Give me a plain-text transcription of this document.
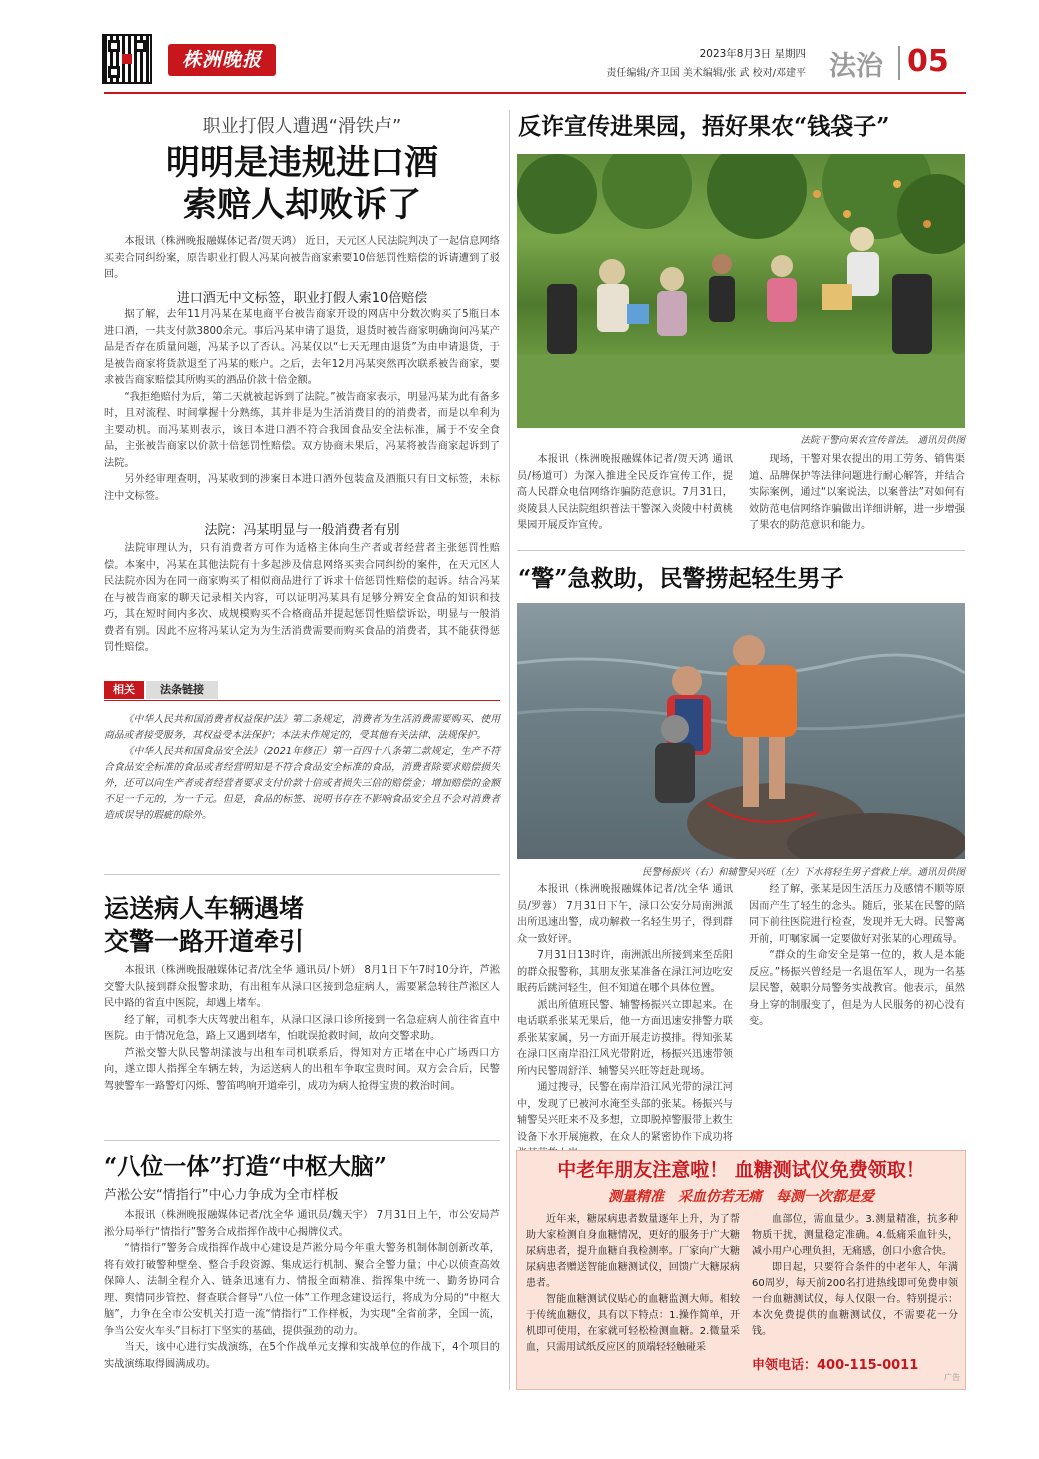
株洲晚报	2023年8月3日 星期四
责任编辑/齐卫国 美术编辑/张 武 校对/邓建平 法治 05
职业打假人遭遇“滑铁卢”
明明是违规进口酒
索赔人却败诉了

本报讯（株洲晚报融媒体记者/贺天鸿） 近日，天元区人民法院判决了一起信息网络买卖合同纠纷案，原告职业打假人冯某向被告商家索要10倍惩罚性赔偿的诉请遭到了驳回。

进口酒无中文标签，职业打假人索10倍赔偿

据了解，去年11月冯某在某电商平台被告商家开设的网店中分数次购买了5瓶日本进口酒，一共支付款3800余元。事后冯某申请了退货，退货时被告商家明确询问冯某产品是否存在质量问题，冯某予以了否认。冯某仅以“七天无理由退货”为由申请退货，于是被告商家将货款退至了冯某的账户。之后，去年12月冯某突然再次联系被告商家，要求被告商家赔偿其所购买的酒品价款十倍金额。

“我拒绝赔付为后，第二天就被起诉到了法院。”被告商家表示，明显冯某为此有备多时，且对流程、时间掌握十分熟练，其并非是为生活消费目的的消费者，而是以牟利为主要动机。而冯某则表示，该日本进口酒不符合我国食品安全法标准，属于不安全食品，主张被告商家以价款十倍惩罚性赔偿。双方协商未果后，冯某将被告商家起诉到了法院。

另外经审理查明，冯某收到的涉案日本进口酒外包装盒及酒瓶只有日文标签，未标注中文标签。

法院：冯某明显与一般消费者有别

法院审理认为，只有消费者方可作为适格主体向生产者或者经营者主张惩罚性赔偿。本案中，冯某在其他法院有十多起涉及信息网络买卖合同纠纷的案件，在天元区人民法院亦因为在同一商家购买了相似商品进行了诉求十倍惩罚性赔偿的起诉。结合冯某在与被告商家的聊天记录相关内容，可以证明冯某具有足够分辨安全食品的知识和技巧，其在短时间内多次、成规模购买不合格商品并提起惩罚性赔偿诉讼，明显与一般消费者有别。因此不应将冯某认定为为生活消费需要而购买食品的消费者，其不能获得惩罚性赔偿。

相关	法条链接

《中华人民共和国消费者权益保护法》第二条规定，消费者为生活消费需要购买、使用商品或者接受服务，其权益受本法保护；本法未作规定的，受其他有关法律、法规保护。

《中华人民共和国食品安全法》（2021年修正）第一百四十八条第二款规定，生产不符合食品安全标准的食品或者经营明知是不符合食品安全标准的食品，消费者除要求赔偿损失外，还可以向生产者或者经营者要求支付价款十倍或者损失三倍的赔偿金；增加赔偿的金额不足一千元的，为一千元。但是，食品的标签、说明书存在不影响食品安全且不会对消费者造成误导的瑕疵的除外。

运送病人车辆遇堵
交警一路开道牵引

本报讯（株洲晚报融媒体记者/沈全华 通讯员/卜妍） 8月1日下午7时10分许，芦淞交警大队接到群众报警求助，有出租车从渌口区接到急症病人，需要紧急转往芦淞区人民中路的省直中医院，却遇上堵车。

经了解，司机李大庆驾驶出租车，从渌口区渌口诊所接到一名急症病人前往省直中医院。由于情况危急，路上又遇到堵车，怕耽误抢救时间，故向交警求助。

芦淞交警大队民警胡漾波与出租车司机联系后，得知对方正堵在中心广场西口方向，遂立即人指挥全车辆左转，为运送病人的出租车争取宝贵时间。双方会合后，民警驾驶警车一路警灯闪烁、警笛鸣响开道牵引，成功为病人抢得宝贵的救治时间。

“八位一体”打造“中枢大脑”
芦淞公安“情指行”中心力争成为全市样板

本报讯（株洲晚报融媒体记者/沈全华 通讯员/魏天宇） 7月31日上午，市公安局芦淞分局举行“情指行”警务合成指挥作战中心揭牌仪式。

“情指行”警务合成指挥作战中心建设是芦淞分局今年重大警务机制体制创新改革，将有效打破警种壁垒、整合手段资源、集成运行机制、聚合全警力量；中心以侦查高效保障人、法制全程介入、链条迅速有力、情报全面精准、指挥集中统一、勤务协同合理、舆情同步管控、督查联合督导“八位一体”工作理念建设运行，将成为分局的“中枢大脑”，力争在全市公安机关打造一流“情指行”工作样板，为实现“全省前茅，全国一流，争当公安火车头”目标打下坚实的基础，提供强劲的动力。

当天，该中心进行实战演练，在5个作战单元支撑和实战单位的作战下，4个项目的实战演练取得圆满成功。

反诈宣传进果园，捂好果农“钱袋子”
法院干警向果农宣传普法。 通讯员供图

本报讯（株洲晚报融媒体记者/贺天鸿 通讯员/杨道可）为深入推进全民反诈宣传工作，提高人民群众电信网络诈骗防范意识。7月31日，炎陵县人民法院组织普法干警深入炎陵中村黄桃果园开展反诈宣传。

现场，干警对果农提出的用工劳务、销售渠道、品牌保护等法律问题进行耐心解答，并结合实际案例，通过“以案说法，以案普法”对如何有效防范电信网络诈骗做出详细讲解，进一步增强了果农的防范意识和能力。

“警”急救助，民警捞起轻生男子
民警杨振兴（右）和辅警吴兴旺（左）下水将轻生男子营救上岸。通讯员供图

本报讯（株洲晚报融媒体记者/沈全华 通讯员/罗蓉） 7月31日下午，渌口公安分局南洲派出所迅速出警，成功解救一名轻生男子，得到群众一致好评。

7月31日13时许，南洲派出所接到来至岳阳的群众报警称，其朋友张某准备在渌江河边吃安眠药后跳河轻生，但不知道在哪个具体位置。

派出所值班民警、辅警杨振兴立即起来。在电话联系张某无果后，他一方面迅速安排警力联系张某家属，另一方面开展走访摸排。得知张某在渌口区南岸沿江风光带附近，杨振兴迅速带领所内民警周舒洋、辅警吴兴旺等赶赴现场。

通过搜寻，民警在南岸沿江风光带的渌江河中，发现了已被河水淹至头部的张某。杨振兴与辅警吴兴旺来不及多想，立即脱掉警服带上救生设备下水开展施救，在众人的紧密协作下成功将

经了解，张某是因生活压力及感情不顺等原因而产生了轻生的念头。随后，张某在民警的陪同下前往医院进行检查，发现并无大碍。民警离开前，叮嘱家属一定要做好对张某的心理疏导。

“群众的生命安全是第一位的，救人是本能反应。”杨振兴曾经是一名退伍军人，现为一名基层民警，兢职分局警务实战教官。他表示，虽然身上穿的制服变了，但是为人民服务的初心没有变。

中老年朋友注意啦！ 血糖测试仪免费领取！
测量精准　采血仿若无痛　每测一次都是爱

近年来，糖尿病患者数量逐年上升，为了帮助大家检测自身血糖情况，更好的服务于广大糖尿病患者，提升血糖自我检测率。厂家向广大糖尿病患者赠送智能血糖测试仪，回馈广大糖尿病患者。

智能血糖测试仪贴心的血糖监测大师。相较于传统血糖仪，具有以下特点：1.操作简单，开机即可使用，在家就可轻松检测血糖。2.微量采血，只需用试纸反应区的顶端轻轻触碰采

血部位，需血量少。3.测量精准，抗多种物质干扰，测量稳定准确。4.低痛采血针头，减小用户心理负担，无痛感，创口小愈合快。

即日起，只要符合条件的中老年人，年满60周岁，每天前200名打进热线即可免费申领一台血糖测试仪，每人仅限一台。特别提示：本次免费提供的血糖测试仪，不需要花一分钱。

申领电话：400-115-0011
广告
